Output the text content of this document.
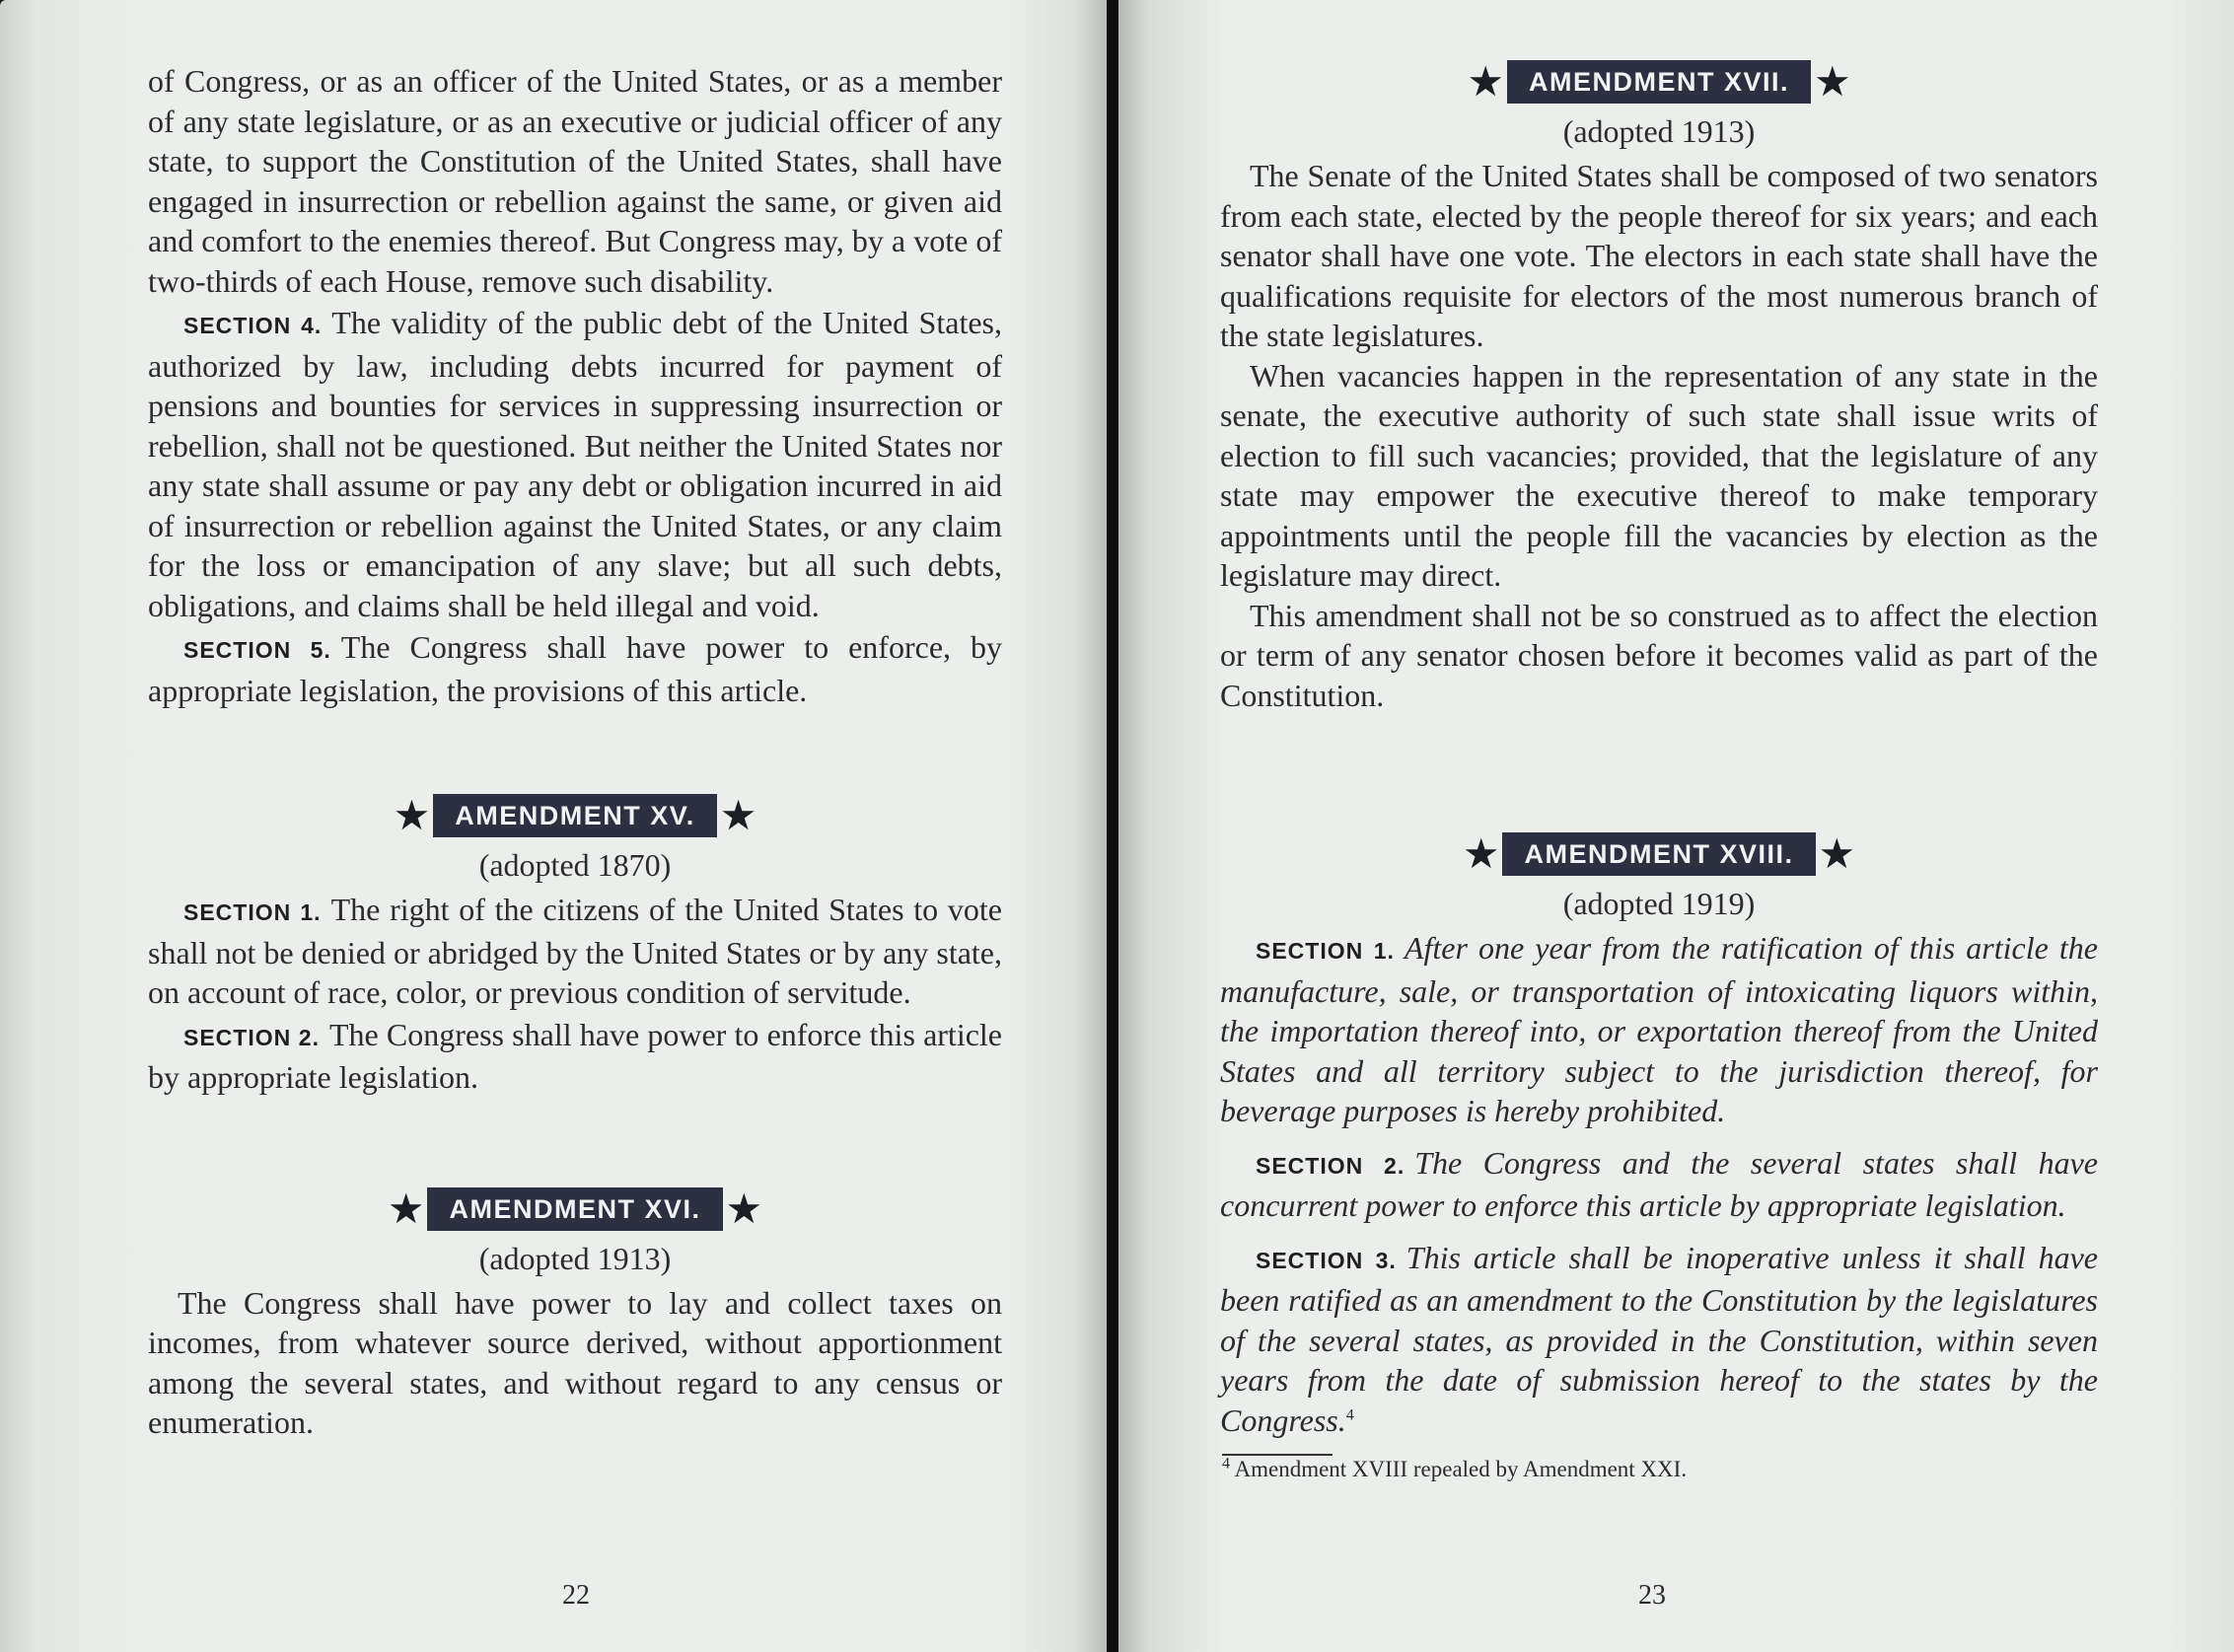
of Congress, or as an officer of the United States, or as a member of any state legislature, or as an executive or judicial officer of any state, to support the Constitution of the United States, shall have engaged in insurrection or rebellion against the same, or given aid and comfort to the enemies thereof. But Congress may, by a vote of two-thirds of each House, remove such disability.

SECTION 4. The validity of the public debt of the United States, authorized by law, including debts incurred for payment of pensions and bounties for services in suppressing insurrection or rebellion, shall not be questioned. But neither the United States nor any state shall assume or pay any debt or obligation incurred in aid of insurrection or rebellion against the United States, or any claim for the loss or emancipation of any slave; but all such debts, obligations, and claims shall be held illegal and void.

SECTION 5. The Congress shall have power to enforce, by appropriate legislation, the provisions of this article.

★ AMENDMENT XV. ★
(adopted 1870)

SECTION 1. The right of the citizens of the United States to vote shall not be denied or abridged by the United States or by any state, on account of race, color, or previous condition of servitude.

SECTION 2. The Congress shall have power to enforce this article by appropriate legislation.

★ AMENDMENT XVI. ★
(adopted 1913)

The Congress shall have power to lay and collect taxes on incomes, from whatever source derived, without apportionment among the several states, and without regard to any census or enumeration.

22
★ AMENDMENT XVII. ★
(adopted 1913)

The Senate of the United States shall be composed of two senators from each state, elected by the people thereof for six years; and each senator shall have one vote. The electors in each state shall have the qualifications requisite for electors of the most numerous branch of the state legislatures.

When vacancies happen in the representation of any state in the senate, the executive authority of such state shall issue writs of election to fill such vacancies; provided, that the legislature of any state may empower the executive thereof to make temporary appointments until the people fill the vacancies by election as the legislature may direct.

This amendment shall not be so construed as to affect the election or term of any senator chosen before it becomes valid as part of the Constitution.

★ AMENDMENT XVIII. ★
(adopted 1919)

SECTION 1. After one year from the ratification of this article the manufacture, sale, or transportation of intoxicating liquors within, the importation thereof into, or exportation thereof from the United States and all territory subject to the jurisdiction thereof, for beverage purposes is hereby prohibited.

SECTION 2. The Congress and the several states shall have concurrent power to enforce this article by appropriate legislation.

SECTION 3. This article shall be inoperative unless it shall have been ratified as an amendment to the Constitution by the legislatures of the several states, as provided in the Constitution, within seven years from the date of submission hereof to the states by the Congress.$^4$

$^4$ Amendment XVIII repealed by Amendment XXI.
23
